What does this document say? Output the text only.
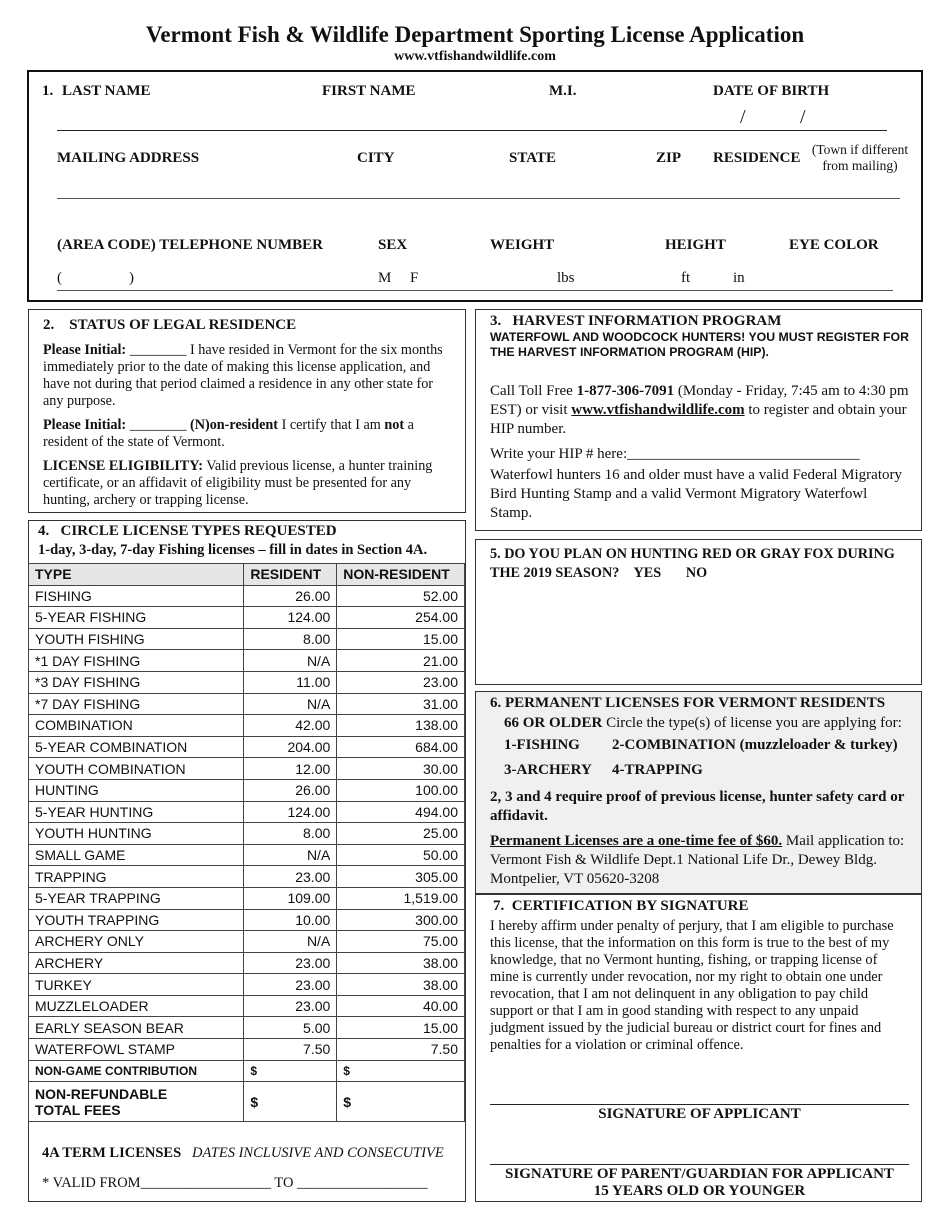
Vermont Fish & Wildlife Department Sporting License Application
www.vtfishandwildlife.com
1. LAST NAME	FIRST NAME	M.I.	DATE OF BIRTH
/	/
MAILING ADDRESS	CITY	STATE	ZIP RESIDENCE
(Town if different from mailing)
(AREA CODE) TELEPHONE NUMBER	SEX	WEIGHT	HEIGHT	EYE COLOR
(	)	M F	lbs	ft	in
2.    STATUS OF LEGAL RESIDENCE
Please Initial: ________ I have resided in Vermont for the six months immediately prior to the date of making this license application, and have not during that period claimed a residence in any other state for any purpose.
Please Initial: ________ (N)on-resident I certify that I am not a resident of the state of Vermont.
LICENSE ELIGIBILITY: Valid previous license, a hunter training certificate, or an affidavit of eligibility must be presented for any hunting, archery or trapping license.
3.   HARVEST INFORMATION PROGRAM
WATERFOWL AND WOODCOCK HUNTERS! YOU MUST REGISTER FOR THE HARVEST INFORMATION PROGRAM (HIP).
Call Toll Free 1-877-306-7091 (Monday - Friday, 7:45 am to 4:30 pm EST) or visit www.vtfishandwildlife.com to register and obtain your HIP number.
Write your HIP # here:_______________________________
Waterfowl hunters 16 and older must have a valid Federal Migratory Bird Hunting Stamp and a valid Vermont Migratory Waterfowl Stamp.
4.   CIRCLE LICENSE TYPES REQUESTED
1-day, 3-day, 7-day Fishing licenses – fill in dates in Section 4A.
TYPE	RESIDENT	NON-RESIDENT
FISHING	26.00	52.00
5-YEAR FISHING	124.00	254.00
YOUTH FISHING	8.00	15.00
*1 DAY FISHING	N/A	21.00
*3 DAY FISHING	11.00	23.00
*7 DAY FISHING	N/A	31.00
COMBINATION	42.00	138.00
5-YEAR COMBINATION	204.00	684.00
YOUTH COMBINATION	12.00	30.00
HUNTING	26.00	100.00
5-YEAR HUNTING	124.00	494.00
YOUTH HUNTING	8.00	25.00
SMALL GAME	N/A	50.00
TRAPPING	23.00	305.00
5-YEAR TRAPPING	109.00	1,519.00
YOUTH TRAPPING	10.00	300.00
ARCHERY ONLY	N/A	75.00
ARCHERY	23.00	38.00
TURKEY	23.00	38.00
MUZZLELOADER	23.00	40.00
EARLY SEASON BEAR	5.00	15.00
WATERFOWL STAMP	7.50	7.50
NON-GAME CONTRIBUTION	$	$
NON-REFUNDABLE
TOTAL FEES	$	$
4A TERM LICENSES DATES INCLUSIVE AND CONSECUTIVE
* VALID FROM__________________ TO __________________
5. DO YOU PLAN ON HUNTING RED OR GRAY FOX DURING THE 2019 SEASON? YES NO
6. PERMANENT LICENSES FOR VERMONT RESIDENTS
66 OR OLDER Circle the type(s) of license you are applying for:
1-FISHING 2-COMBINATION (muzzleloader & turkey)
3-ARCHERY 4-TRAPPING
2, 3 and 4 require proof of previous license, hunter safety card or affidavit.
Permanent Licenses are a one-time fee of $60. Mail application to: Vermont Fish & Wildlife Dept.1 National Life Dr., Dewey Bldg. Montpelier, VT 05620-3208
7.  CERTIFICATION BY SIGNATURE
I hereby affirm under penalty of perjury, that I am eligible to purchase this license, that the information on this form is true to the best of my knowledge, that no Vermont hunting, fishing, or trapping license of mine is currently under revocation, nor my right to obtain one under revocation, that I am not delinquent in any obligation to pay child support or that I am in good standing with respect to any unpaid judgment issued by the judicial bureau or district court for fines and penalties for a violation or criminal offence.
SIGNATURE OF APPLICANT
SIGNATURE OF PARENT/GUARDIAN FOR APPLICANT
15 YEARS OLD OR YOUNGER
